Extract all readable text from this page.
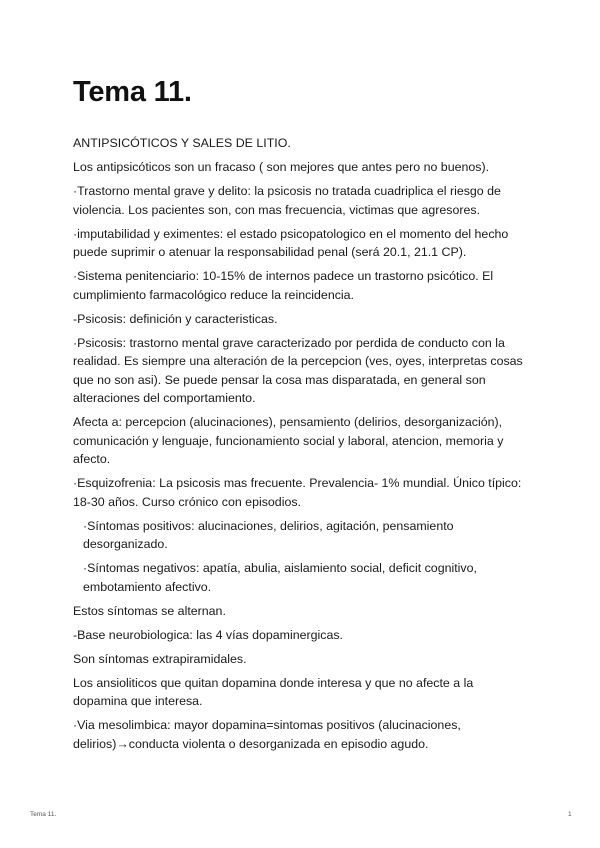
Tema 11.

ANTIPSICÓTICOS Y SALES DE LITIO.

Los antipsicóticos son un fracaso ( son mejores que antes pero no buenos).

·Trastorno mental grave y delito: la psicosis no tratada cuadriplica el riesgo de violencia. Los pacientes son, con mas frecuencia, victimas que agresores.

·imputabilidad y eximentes: el estado psicopatologico en el momento del hecho puede suprimir o atenuar la responsabilidad penal (será 20.1, 21.1 CP).

·Sistema penitenciario: 10-15% de internos padece un trastorno psicótico. El cumplimiento farmacológico reduce la reincidencia.

-Psicosis: definición y caracteristicas.

·Psicosis: trastorno mental grave caracterizado por perdida de conducto con la realidad. Es siempre una alteración de la percepcion (ves, oyes, interpretas cosas que no son asi). Se puede pensar la cosa mas disparatada, en general son alteraciones del comportamiento.

Afecta a: percepcion (alucinaciones), pensamiento (delirios, desorganización), comunicación y lenguaje, funcionamiento social y laboral, atencion, memoria y afecto.

·Esquizofrenia: La psicosis mas frecuente. Prevalencia- 1% mundial. Único típico: 18-30 años. Curso crónico con episodios.

·Síntomas positivos: alucinaciones, delirios, agitación, pensamiento desorganizado.

·Síntomas negativos: apatía, abulia, aislamiento social, deficit cognitivo, embotamiento afectivo.

Estos síntomas se alternan.

-Base neurobiologica: las 4 vías dopaminergicas.

Son síntomas extrapiramidales.

Los ansioliticos que quitan dopamina donde interesa y que no afecte a la dopamina que interesa.

·Via mesolimbica: mayor dopamina=sintomas positivos (alucinaciones, delirios)→conducta violenta o desorganizada en episodio agudo.

Tema 11.	1
